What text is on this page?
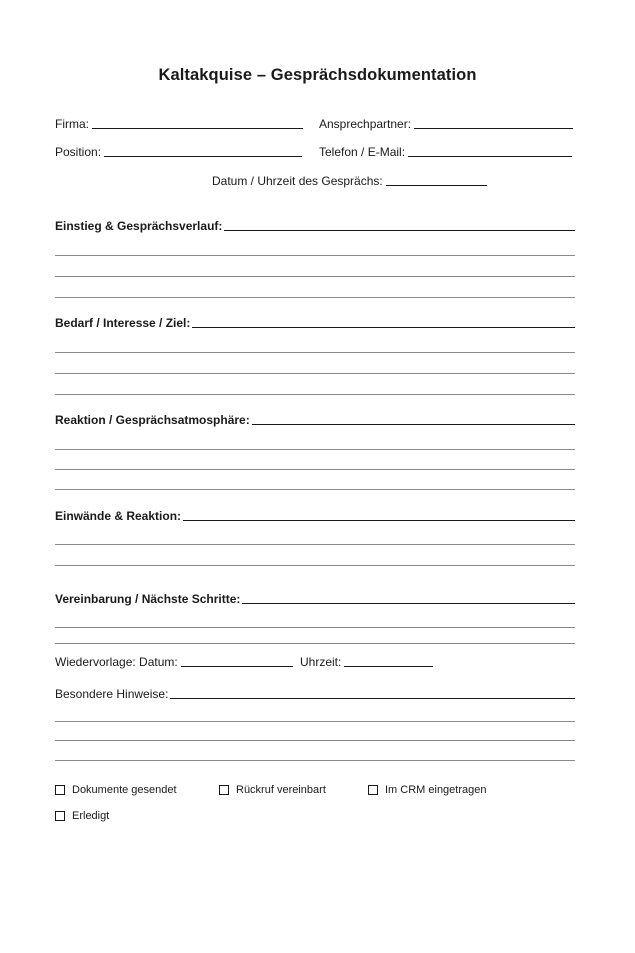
Kaltakquise – Gesprächsdokumentation
Firma:	Ansprechpartner:
Position:	Telefon / E-Mail:
Datum / Uhrzeit des Gesprächs:
Einstieg & Gesprächsverlauf:
Bedarf / Interesse / Ziel:
Reaktion / Gesprächsatmosphäre:
Einwände & Reaktion:
Vereinbarung / Nächste Schritte:
Wiedervorlage: Datum:	Uhrzeit:
Besondere Hinweise:
Dokumente gesendet	Rückruf vereinbart	Im CRM eingetragen
Erledigt
